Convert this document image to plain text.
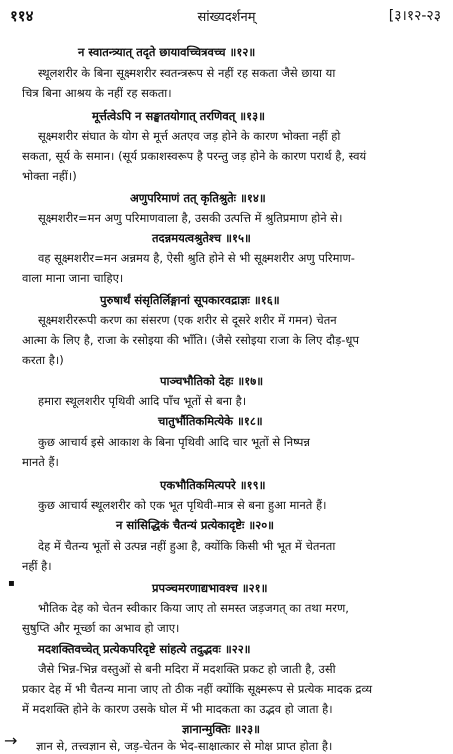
११४	सांख्यदर्शनम्	[३।१२-२३
न स्वातन्त्र्यात् तदृते छायावच्चित्रवच्च ॥१२॥
स्थूलशरीर के बिना सूक्ष्मशरीर स्वतन्त्ररूप से नहीं रह सकता जैसे छाया या
चित्र बिना आश्रय के नहीं रह सकता।
मूर्त्तत्वेऽपि न सङ्घातयोगात् तरणिवत् ॥१३॥
सूक्ष्मशरीर संघात के योग से मूर्त्त अतएव जड़ होने के कारण भोक्ता नहीं हो
सकता, सूर्य के समान। (सूर्य प्रकाशस्वरूप है परन्तु जड़ होने के कारण परार्थ है, स्वयं
भोक्ता नहीं।)
अणुपरिमाणं तत् कृतिश्रुतेः ॥१४॥
सूक्ष्मशरीर=मन अणु परिमाणवाला है, उसकी उत्पत्ति में श्रुतिप्रमाण होने से।
तदन्नमयत्वश्रुतेश्च ॥१५॥
वह सूक्ष्मशरीर=मन अन्नमय है, ऐसी श्रुति होने से भी सूक्ष्मशरीर अणु परिमाण-
वाला माना जाना चाहिए।
पुरुषार्थं संसृतिर्लिङ्गानां सूपकारवद्राज्ञः ॥१६॥
सूक्ष्मशरीररूपी करण का संसरण (एक शरीर से दूसरे शरीर में गमन) चेतन
आत्मा के लिए है, राजा के रसोइया की भाँति। (जैसे रसोइया राजा के लिए दौड़-धूप
करता है।)
पाञ्चभौतिको देहः ॥१७॥
हमारा स्थूलशरीर पृथिवी आदि पाँच भूतों से बना है।
चातुर्भौतिकमित्येके ॥१८॥
कुछ आचार्य इसे आकाश के बिना पृथिवी आदि चार भूतों से निष्पन्न
मानते हैं।
एकभौतिकमित्यपरे ॥१९॥
कुछ आचार्य स्थूलशरीर को एक भूत पृथिवी-मात्र से बना हुआ मानते हैं।
न सांसिद्धिकं चैतन्यं प्रत्येकादृष्टेः ॥२०॥
देह में चैतन्य भूतों से उत्पन्न नहीं हुआ है, क्योंकि किसी भी भूत में चेतनता
नहीं है।
प्रपञ्चमरणाद्यभावश्च ॥२१॥
भौतिक देह को चेतन स्वीकार किया जाए तो समस्त जड़जगत् का तथा मरण,
सुषुप्ति और मूर्च्छा का अभाव हो जाए।
मदशक्तिवच्चेत् प्रत्येकपरिदृष्टे सांहत्ये तदुद्भवः ॥२२॥
जैसे भिन्न-भिन्न वस्तुओं से बनी मदिरा में मदशक्ति प्रकट हो जाती है, उसी
प्रकार देह में भी चैतन्य माना जाए तो ठीक नहीं क्योंकि सूक्ष्मरूप से प्रत्येक मादक द्रव्य
में मदशक्ति होने के कारण उसके घोल में भी मादकता का उद्भव हो जाता है।
ज्ञानान्मुक्तिः ॥२३॥
ज्ञान से, तत्त्वज्ञान से, जड़-चेतन के भेद-साक्षात्कार से मोक्ष प्राप्त होता है।
▪
→
